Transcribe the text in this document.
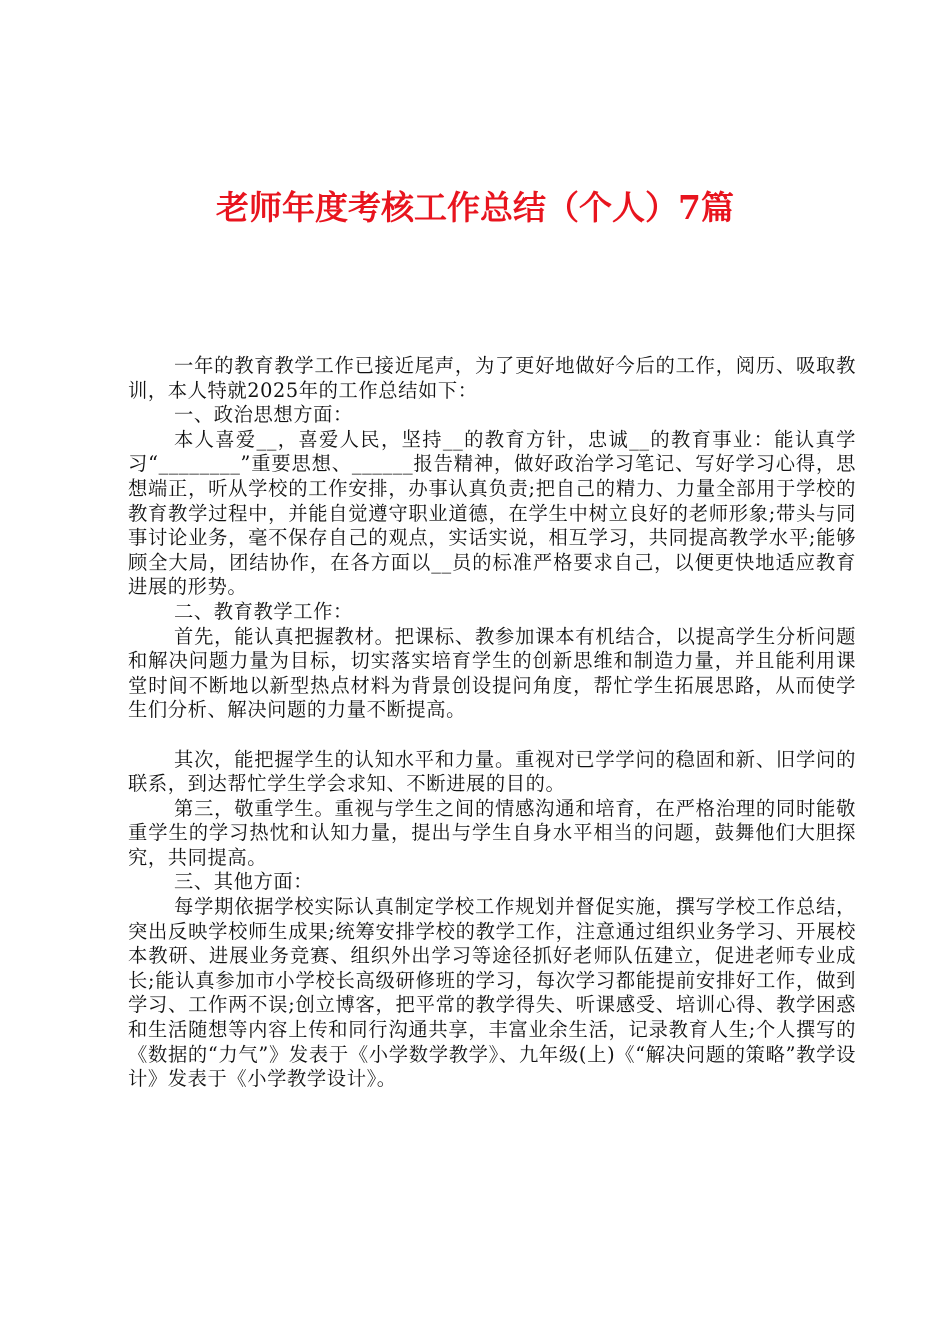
老师年度考核工作总结（个人）7篇

一年的教育教学工作已接近尾声，为了更好地做好今后的工作，阅历、吸取教训，本人特就2025年的工作总结如下：

一、政治思想方面：

本人喜爱__，喜爱人民，坚持__的教育方针，忠诚__的教育事业：能认真学习“________”重要思想、______报告精神，做好政治学习笔记、写好学习心得，思想端正，听从学校的工作安排，办事认真负责;把自己的精力、力量全部用于学校的教育教学过程中，并能自觉遵守职业道德，在学生中树立良好的老师形象;带头与同事讨论业务，毫不保存自己的观点，实话实说，相互学习，共同提高教学水平;能够顾全大局，团结协作，在各方面以__员的标准严格要求自己，以便更快地适应教育进展的形势。

二、教育教学工作：

首先，能认真把握教材。把课标、教参加课本有机结合，以提高学生分析问题和解决问题力量为目标，切实落实培育学生的创新思维和制造力量，并且能利用课堂时间不断地以新型热点材料为背景创设提问角度，帮忙学生拓展思路，从而使学生们分析、解决问题的力量不断提高。

其次，能把握学生的认知水平和力量。重视对已学学问的稳固和新、旧学问的联系，到达帮忙学生学会求知、不断进展的目的。

第三，敬重学生。重视与学生之间的情感沟通和培育，在严格治理的同时能敬重学生的学习热忱和认知力量，提出与学生自身水平相当的问题，鼓舞他们大胆探究，共同提高。

三、其他方面：

每学期依据学校实际认真制定学校工作规划并督促实施，撰写学校工作总结，突出反映学校师生成果;统筹安排学校的教学工作，注意通过组织业务学习、开展校本教研、进展业务竞赛、组织外出学习等途径抓好老师队伍建立，促进老师专业成长;能认真参加市小学校长高级研修班的学习，每次学习都能提前安排好工作，做到学习、工作两不误;创立博客，把平常的教学得失、听课感受、培训心得、教学困惑和生活随想等内容上传和同行沟通共享，丰富业余生活，记录教育人生;个人撰写的《数据的“力气”》发表于《小学数学教学》、九年级(上)《“解决问题的策略”教学设计》发表于《小学教学设计》。
